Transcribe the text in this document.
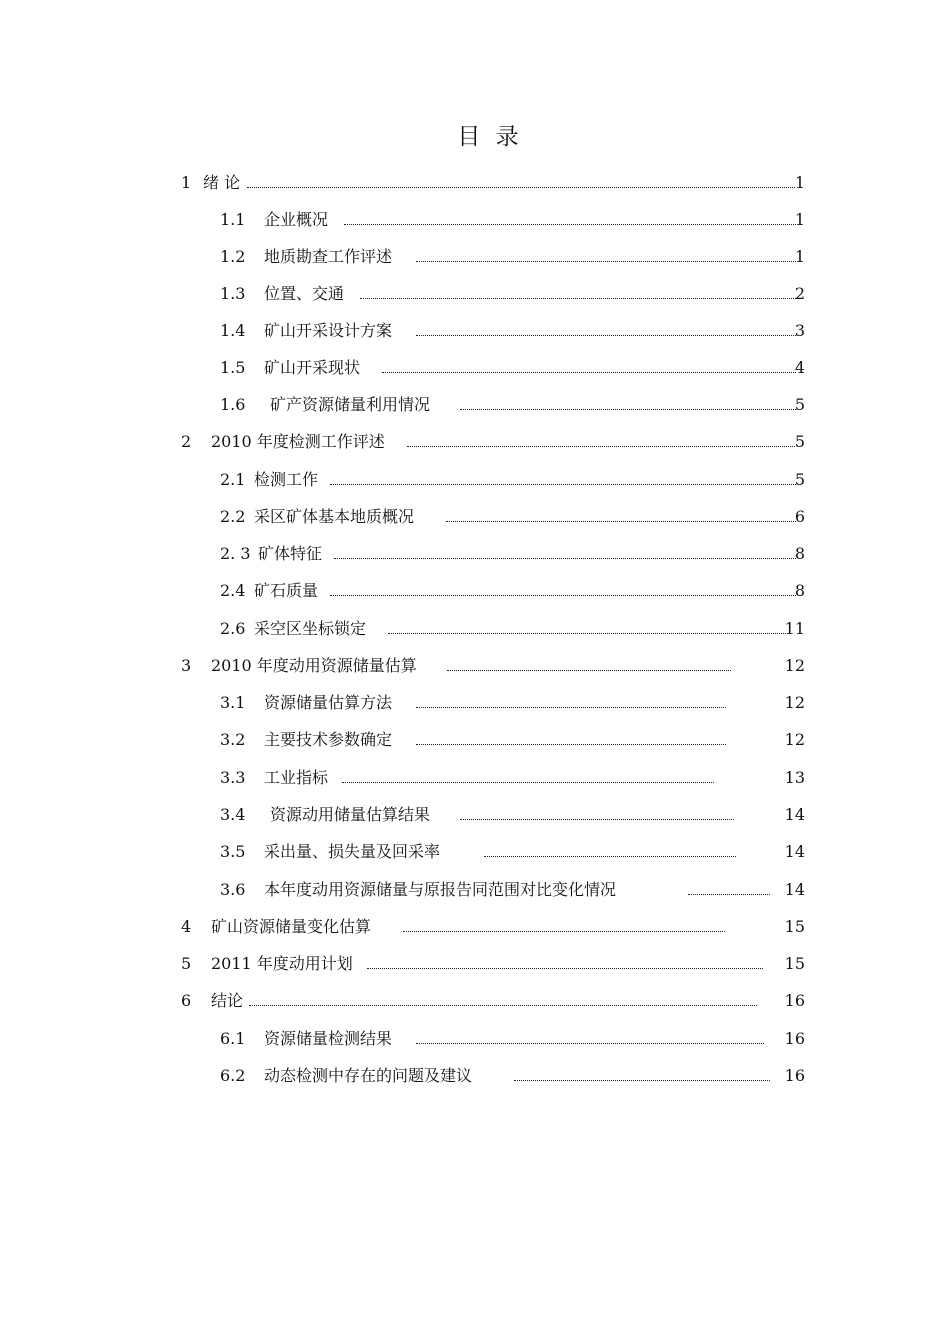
目 录
1 绪 论	1
1.1 企业概况	1
1.2 地质勘查工作评述	1
1.3 位置、交通	2
1.4 矿山开采设计方案	3
1.5 矿山开采现状	4
1.6 矿产资源储量利用情况	5
2 2010 年度检测工作评述	5
2.1 检测工作	5
2.2 采区矿体基本地质概况	6
2. 3 矿体特征	8
2.4 矿石质量	8
2.6 采空区坐标锁定	11
3 2010 年度动用资源储量估算	12
3.1 资源储量估算方法	12
3.2 主要技术参数确定	12
3.3 工业指标	13
3.4 资源动用储量估算结果	14
3.5 采出量、损失量及回采率	14
3.6 本年度动用资源储量与原报告同范围对比变化情况	14
4 矿山资源储量变化估算	15
5 2011 年度动用计划	15
6 结论	16
6.1 资源储量检测结果	16
6.2 动态检测中存在的问题及建议	16
